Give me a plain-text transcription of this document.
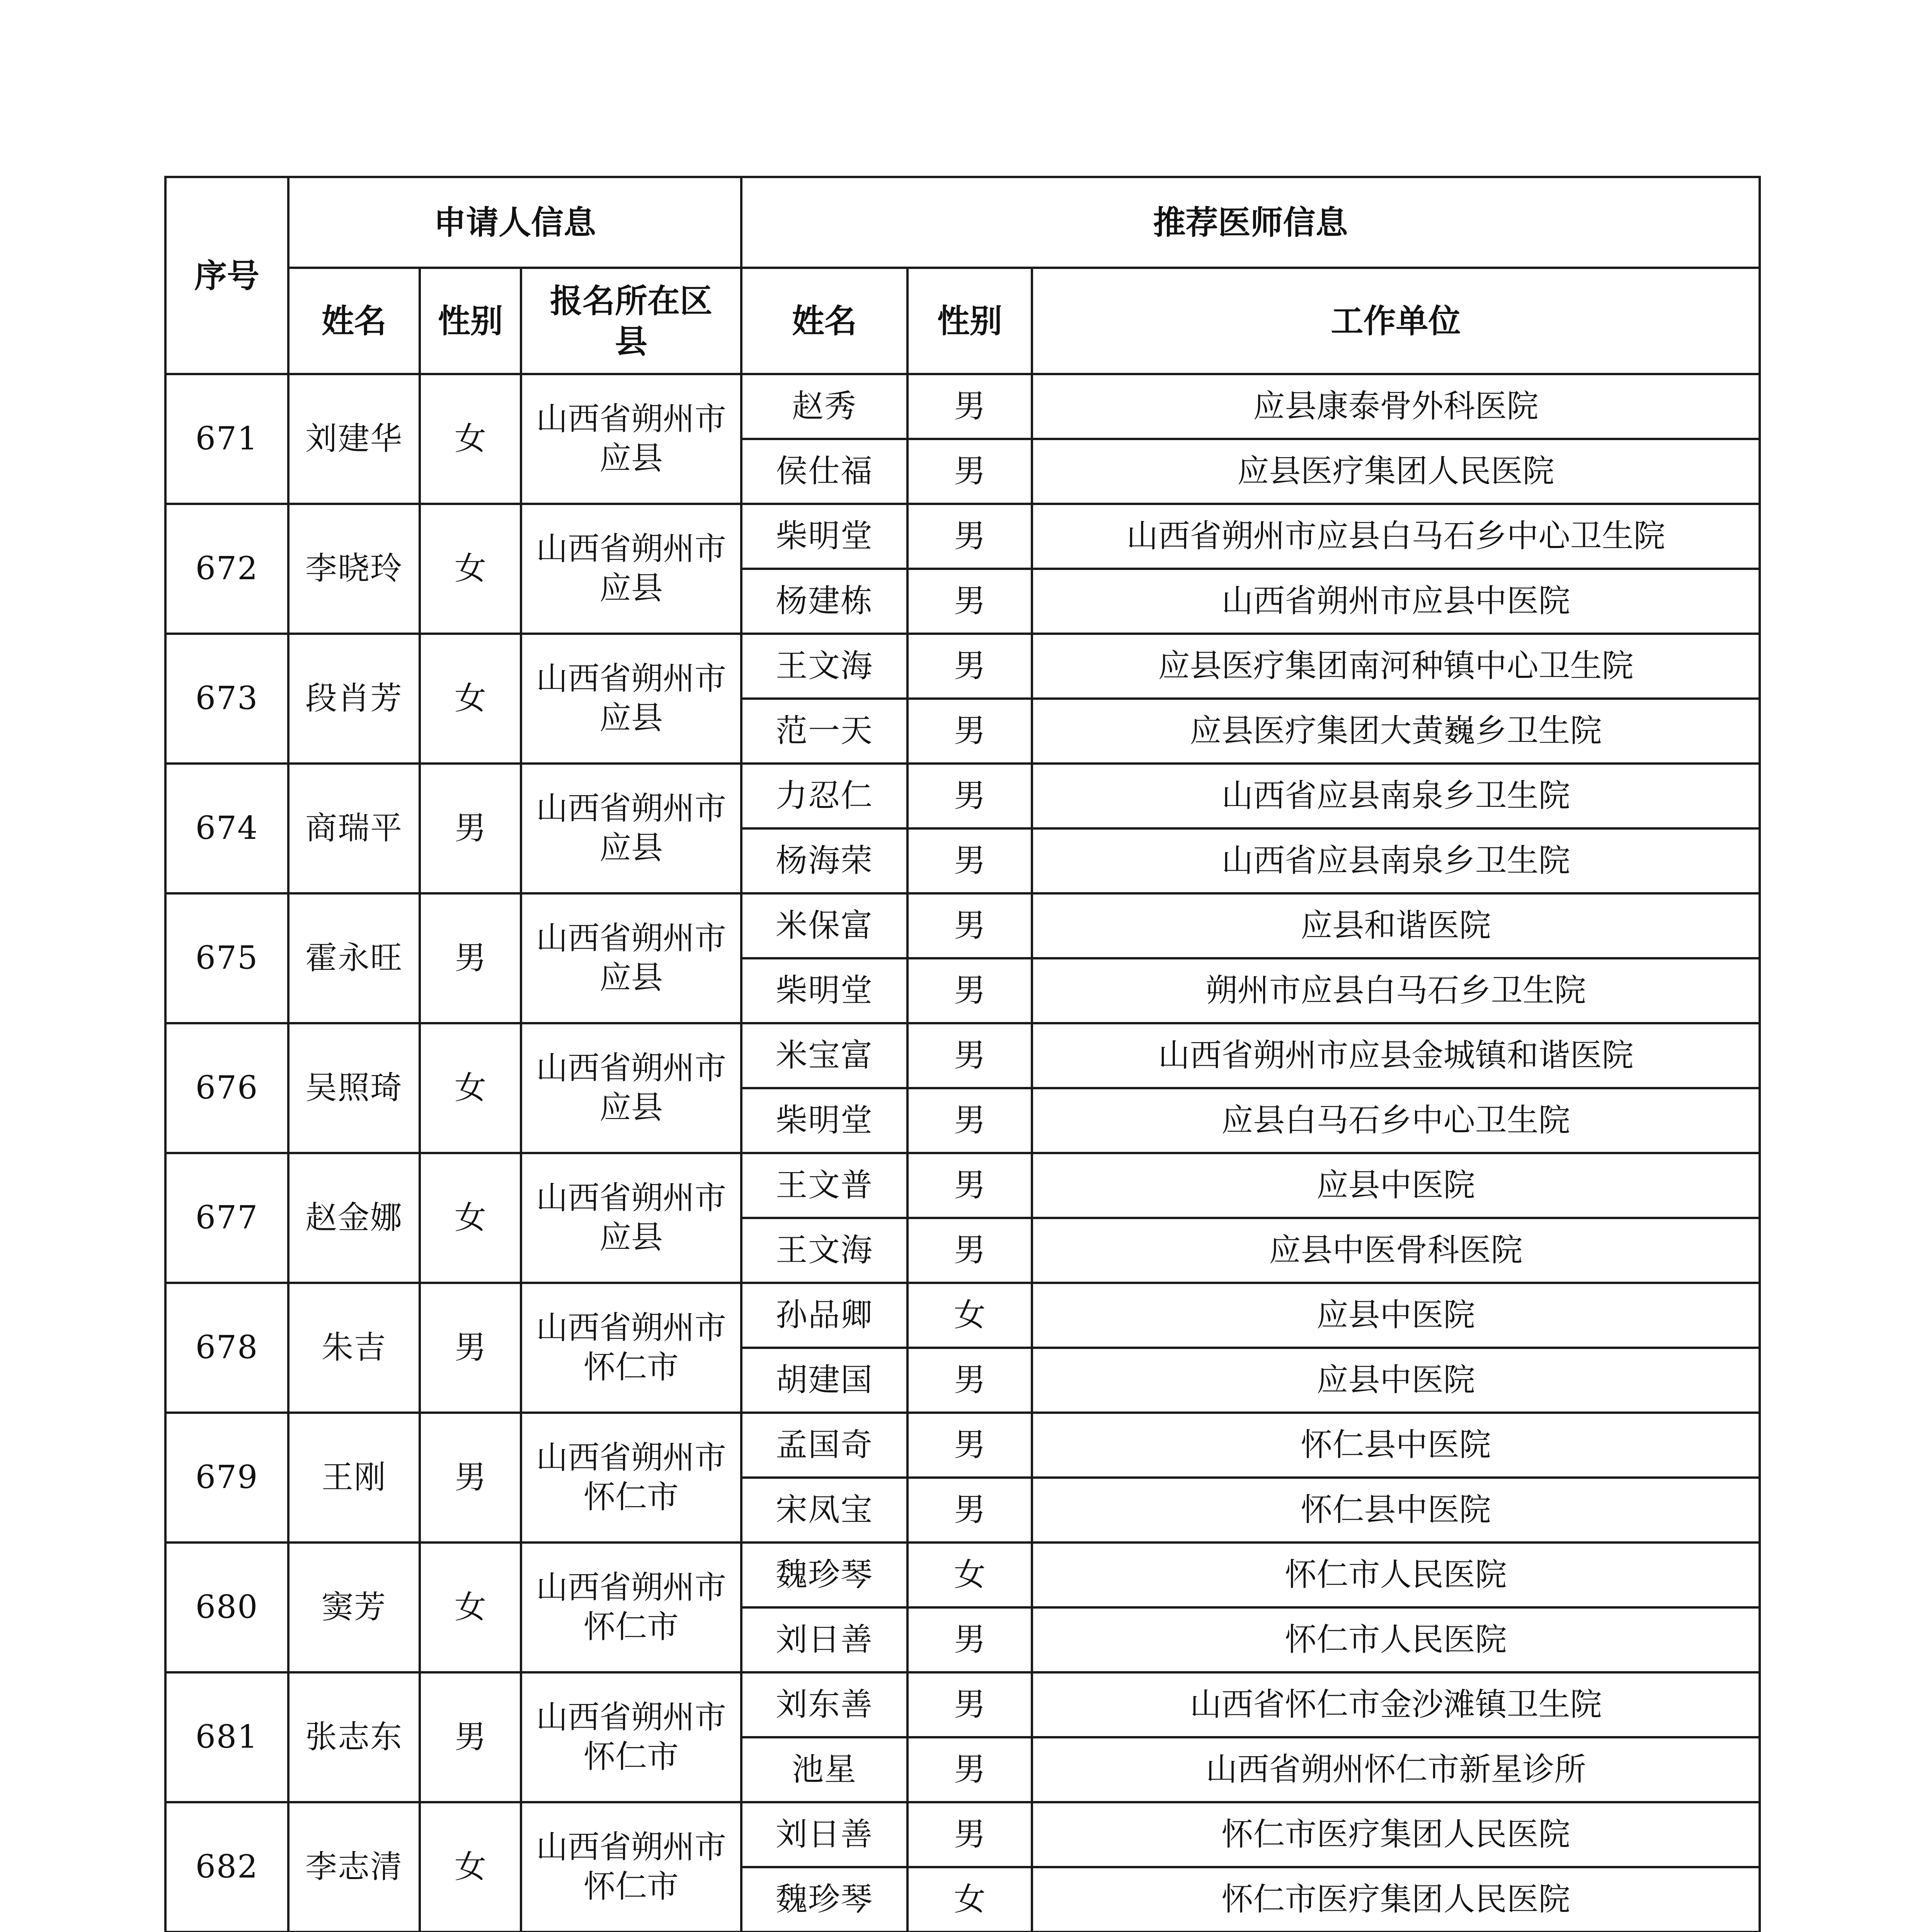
序号	申请人信息			推荐医师信息		
	姓名	性别	报名所在区县	姓名	性别	工作单位
671	刘建华	女	山西省朔州市应县	赵秀	男	应县康泰骨外科医院
				侯仕福	男	应县医疗集团人民医院
672	李晓玲	女	山西省朔州市应县	柴明堂	男	山西省朔州市应县白马石乡中心卫生院
				杨建栋	男	山西省朔州市应县中医院
673	段肖芳	女	山西省朔州市应县	王文海	男	应县医疗集团南河种镇中心卫生院
				范一天	男	应县医疗集团大黄巍乡卫生院
674	商瑞平	男	山西省朔州市应县	力忍仁	男	山西省应县南泉乡卫生院
				杨海荣	男	山西省应县南泉乡卫生院
675	霍永旺	男	山西省朔州市应县	米保富	男	应县和谐医院
				柴明堂	男	朔州市应县白马石乡卫生院
676	吴照琦	女	山西省朔州市应县	米宝富	男	山西省朔州市应县金城镇和谐医院
				柴明堂	男	应县白马石乡中心卫生院
677	赵金娜	女	山西省朔州市应县	王文普	男	应县中医院
				王文海	男	应县中医骨科医院
678	朱吉	男	山西省朔州市怀仁市	孙品卿	女	应县中医院
				胡建国	男	应县中医院
679	王刚	男	山西省朔州市怀仁市	孟国奇	男	怀仁县中医院
				宋凤宝	男	怀仁县中医院
680	窦芳	女	山西省朔州市怀仁市	魏珍琴	女	怀仁市人民医院
				刘日善	男	怀仁市人民医院
681	张志东	男	山西省朔州市怀仁市	刘东善	男	山西省怀仁市金沙滩镇卫生院
				池星	男	山西省朔州怀仁市新星诊所
682	李志清	女	山西省朔州市怀仁市	刘日善	男	怀仁市医疗集团人民医院
				魏珍琴	女	怀仁市医疗集团人民医院
